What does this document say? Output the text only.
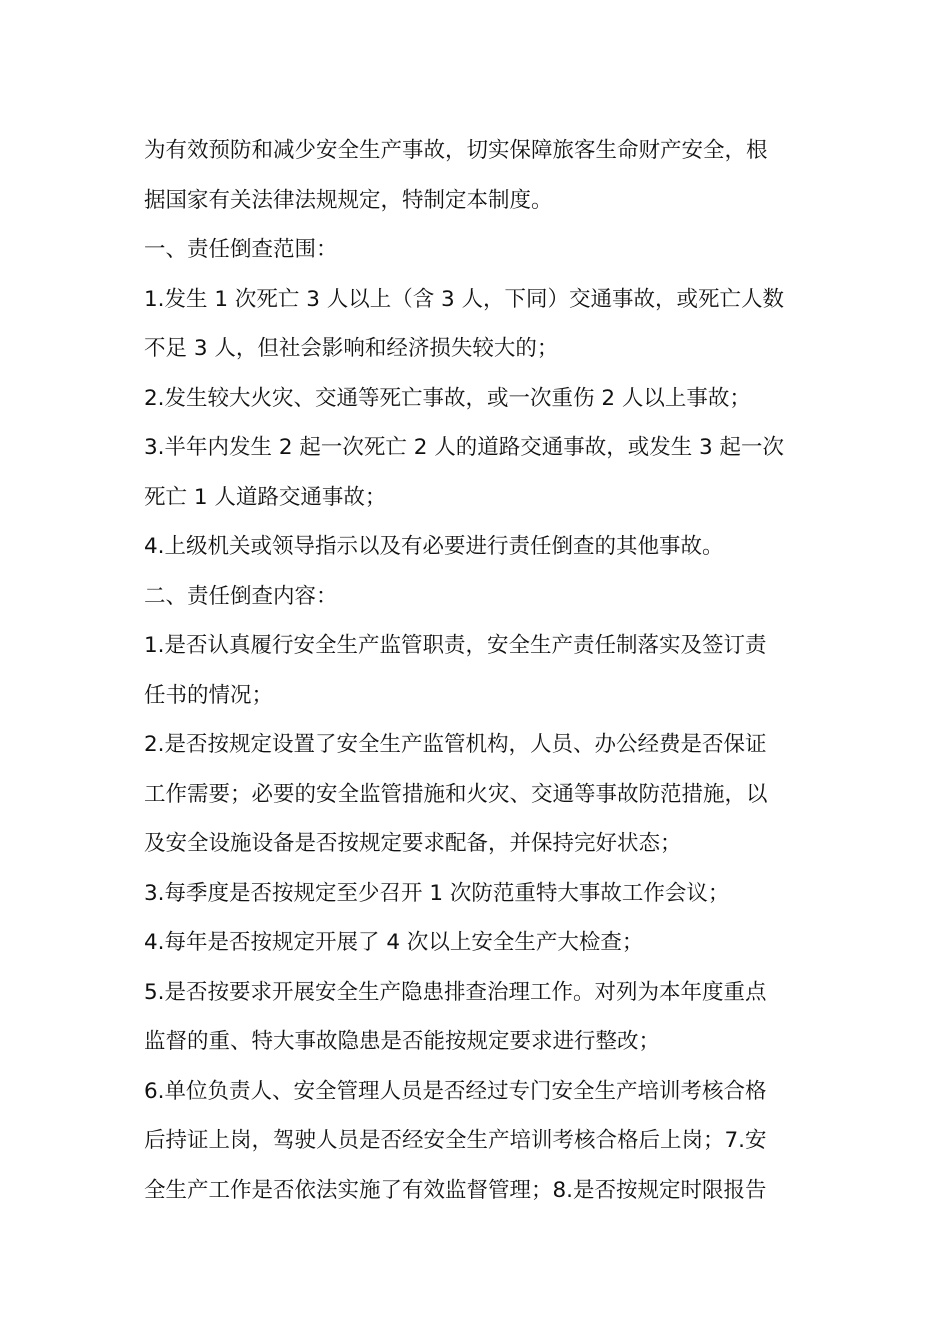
为有效预防和减少安全生产事故，切实保障旅客生命财产安全，根
据国家有关法律法规规定，特制定本制度。
一、责任倒查范围：
1.发生 1 次死亡 3 人以上（含 3 人，下同）交通事故，或死亡人数
不足 3 人，但社会影响和经济损失较大的；
2.发生较大火灾、交通等死亡事故，或一次重伤 2 人以上事故；
3.半年内发生 2 起一次死亡 2 人的道路交通事故，或发生 3 起一次
死亡 1 人道路交通事故；
4.上级机关或领导指示以及有必要进行责任倒查的其他事故。
二、责任倒查内容：
1.是否认真履行安全生产监管职责，安全生产责任制落实及签订责
任书的情况；
2.是否按规定设置了安全生产监管机构，人员、办公经费是否保证
工作需要；必要的安全监管措施和火灾、交通等事故防范措施，以
及安全设施设备是否按规定要求配备，并保持完好状态；
3.每季度是否按规定至少召开 1 次防范重特大事故工作会议；
4.每年是否按规定开展了 4 次以上安全生产大检查；
5.是否按要求开展安全生产隐患排查治理工作。对列为本年度重点
监督的重、特大事故隐患是否能按规定要求进行整改；
6.单位负责人、安全管理人员是否经过专门安全生产培训考核合格
后持证上岗，驾驶人员是否经安全生产培训考核合格后上岗；7.安
全生产工作是否依法实施了有效监督管理；8.是否按规定时限报告
